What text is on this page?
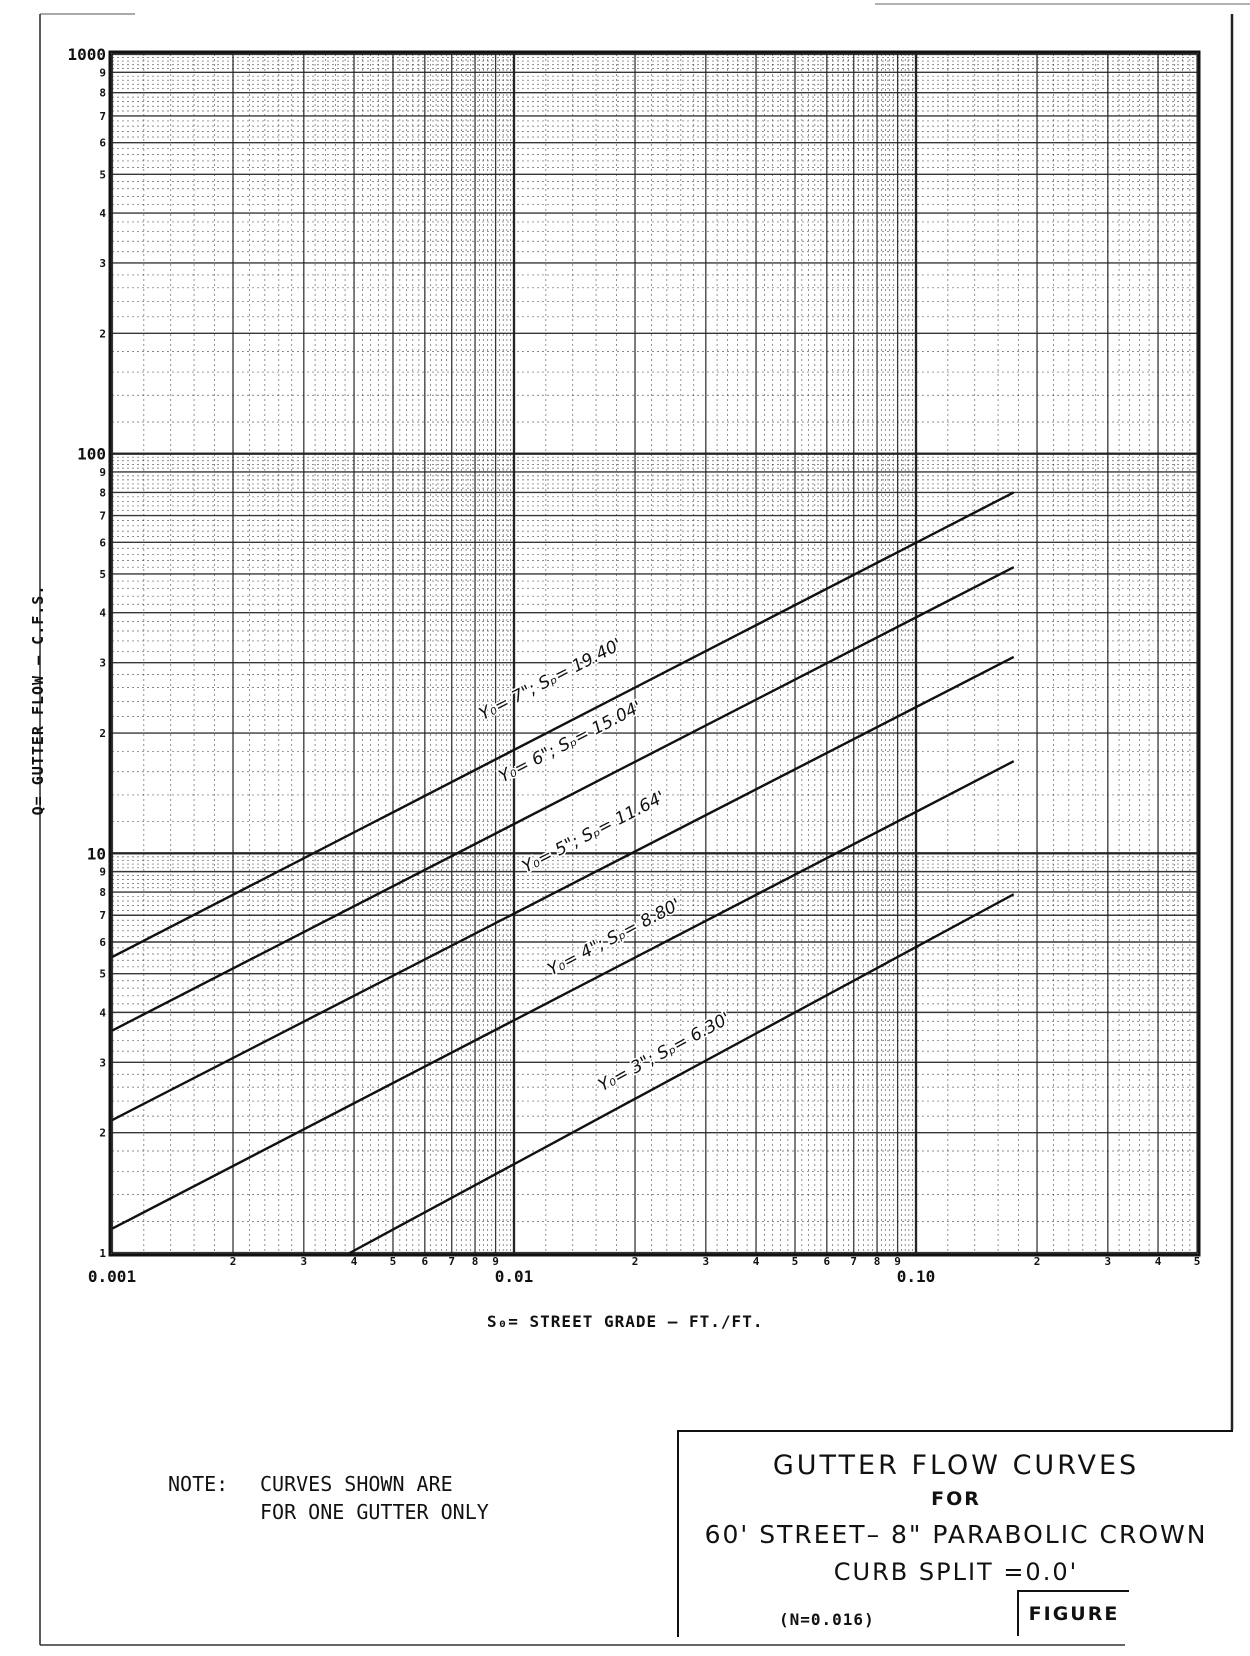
Y₀= 7"; Sₚ= 19.40'
Y₀= 6"; Sₚ= 15.04'
Y₀= 5"; Sₚ= 11.64'
Y₀= 4"; Sₚ= 8.80'
Y₀= 3"; Sₚ= 6.30'
0.001
2	3	4	5 6 7 8 9
0.01
2	3	4	5 6 7 8 9
0.10
2	3	4	5
1
2
3
4
5
6
7
8
9
10
2
3
4
5
6
7
8
9
100
2
3
4
5
6
7
8
9
1000
Q= GUTTER FLOW – C.F.S.
S₀= STREET GRADE – FT./FT.
NOTE: CURVES SHOWN ARE
FOR ONE GUTTER ONLY
GUTTER FLOW CURVES
FOR
60' STREET– 8" PARABOLIC CROWN
CURB SPLIT =0.0'
(N=0.016)	FIGURE
